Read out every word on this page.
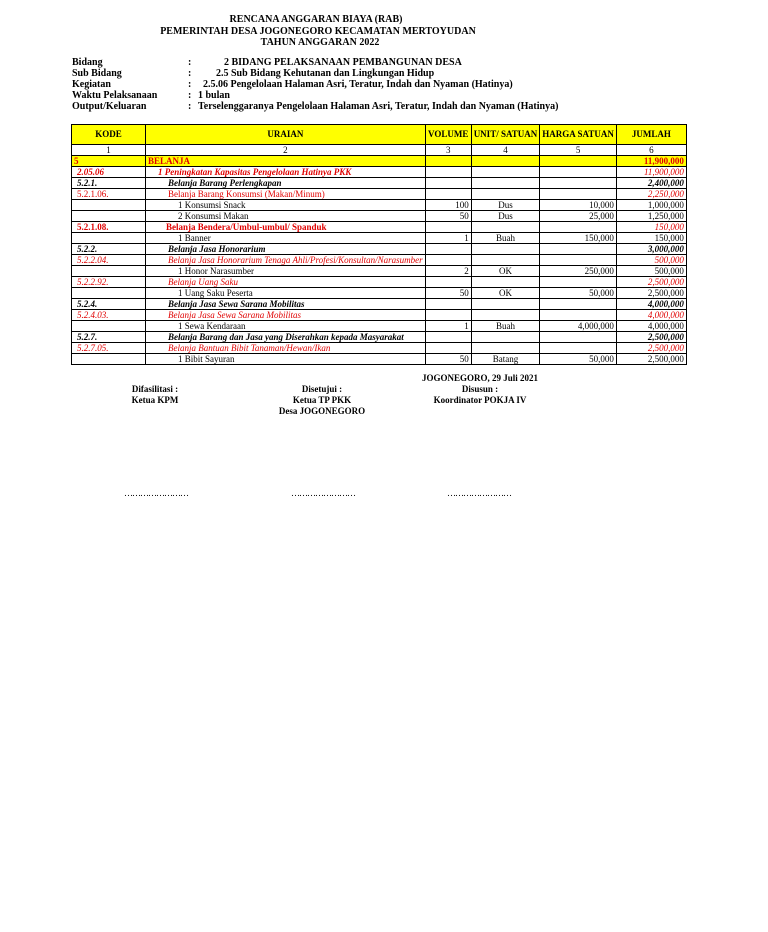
RENCANA ANGGARAN BIAYA (RAB)
PEMERINTAH DESA JOGONEGORO KECAMATAN MERTOYUDAN
TAHUN ANGGARAN 2022
Bidang	:	2 BIDANG PELAKSANAAN PEMBANGUNAN DESA
Sub Bidang	: 2.5 Sub Bidang Kehutanan dan Lingkungan Hidup
Kegiatan	: 2.5.06 Pengelolaan Halaman Asri, Teratur, Indah dan Nyaman (Hatinya)
Waktu Pelaksanaan	: 1 bulan
Output/Keluaran	: Terselenggaranya Pengelolaan Halaman Asri, Teratur, Indah dan Nyaman (Hatinya)
KODE	URAIAN	VOLUME	UNIT/ SATUAN	HARGA SATUAN	JUMLAH
1	2	3	4	5	6
5	BELANJA				11,900,000
2.05.06	1 Peningkatan Kapasitas Pengelolaan Hatinya PKK				11,900,000
5.2.1.	Belanja Barang Perlengkapan				2,400,000
5.2.1.06.	Belanja Barang Konsumsi (Makan/Minum)				2,250,000
	1 Konsumsi Snack	100	Dus	10,000	1,000,000
	2 Konsumsi Makan	50	Dus	25,000	1,250,000
5.2.1.08.	Belanja Bendera/Umbul-umbul/ Spanduk				150,000
	1 Banner	1	Buah	150,000	150,000
5.2.2.	Belanja Jasa Honorarium				3,000,000
5.2.2.04.	Belanja Jasa Honorarium Tenaga Ahli/Profesi/Konsultan/Narasumber				500,000
	1 Honor Narasumber	2	OK	250,000	500,000
5.2.2.92.	Belanja Uang Saku				2,500,000
	1 Uang Saku Peserta	50	OK	50,000	2,500,000
5.2.4.	Belanja Jasa Sewa Sarana Mobilitas				4,000,000
5.2.4.03.	Belanja Jasa Sewa Sarana Mobilitas				4,000,000
	1 Sewa Kendaraan	1	Buah	4,000,000	4,000,000
5.2.7.	Belanja Barang dan Jasa yang Diserahkan kepada Masyarakat				2,500,000
5.2.7.05.	Belanja Bantuan Bibit Tanaman/Hewan/Ikan				2,500,000
	1 Bibit Sayuran	50	Batang	50,000	2,500,000
JOGONEGORO, 29 Juli 2021
Difasilitasi :
Ketua KPM
Disetujui :
Ketua TP PKK
Desa JOGONEGORO
Disusun :
Koordinator POKJA IV
……………………	……………………	……………………
